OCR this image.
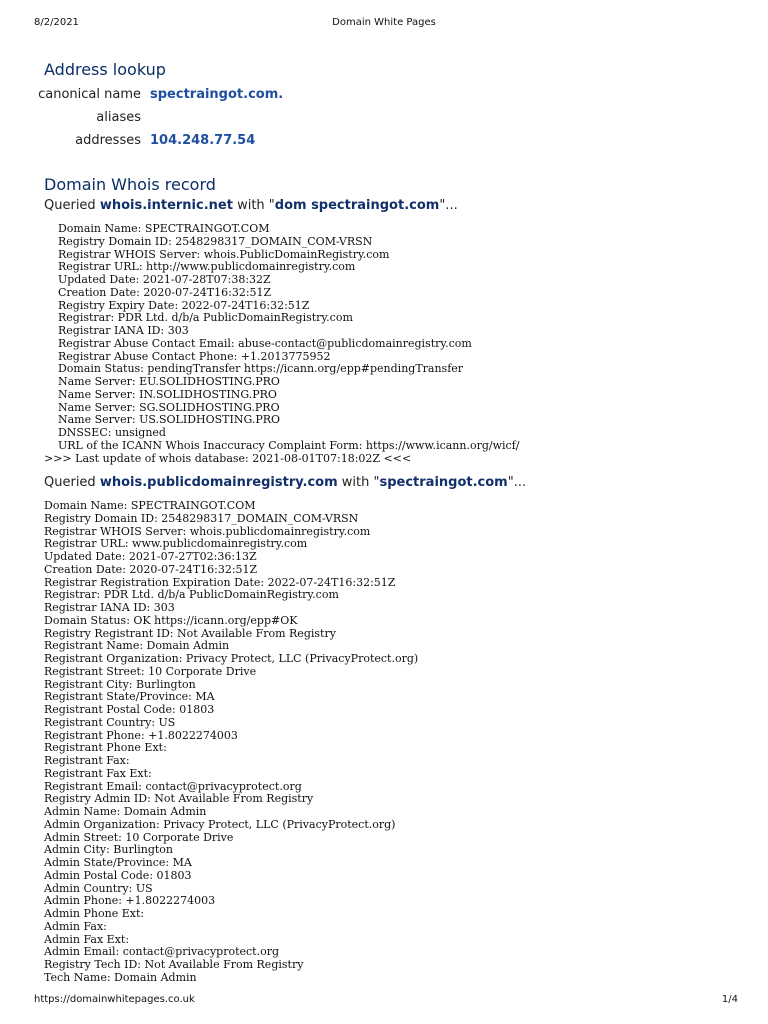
8/2/2021	Domain White Pages
Address lookup
canonical name spectraingot.com.
aliases
addresses 104.248.77.54
Domain Whois record
Queried whois.internic.net with "dom spectraingot.com"...
Domain Name: SPECTRAINGOT.COM
Registry Domain ID: 2548298317_DOMAIN_COM-VRSN
Registrar WHOIS Server: whois.PublicDomainRegistry.com
Registrar URL: http://www.publicdomainregistry.com
Updated Date: 2021-07-28T07:38:32Z
Creation Date: 2020-07-24T16:32:51Z
Registry Expiry Date: 2022-07-24T16:32:51Z
Registrar: PDR Ltd. d/b/a PublicDomainRegistry.com
Registrar IANA ID: 303
Registrar Abuse Contact Email: abuse-contact@publicdomainregistry.com
Registrar Abuse Contact Phone: +1.2013775952
Domain Status: pendingTransfer https://icann.org/epp#pendingTransfer
Name Server: EU.SOLIDHOSTING.PRO
Name Server: IN.SOLIDHOSTING.PRO
Name Server: SG.SOLIDHOSTING.PRO
Name Server: US.SOLIDHOSTING.PRO
DNSSEC: unsigned
URL of the ICANN Whois Inaccuracy Complaint Form: https://www.icann.org/wicf/
>>> Last update of whois database: 2021-08-01T07:18:02Z <<<
Queried whois.publicdomainregistry.com with "spectraingot.com"...
Domain Name: SPECTRAINGOT.COM
Registry Domain ID: 2548298317_DOMAIN_COM-VRSN
Registrar WHOIS Server: whois.publicdomainregistry.com
Registrar URL: www.publicdomainregistry.com
Updated Date: 2021-07-27T02:36:13Z
Creation Date: 2020-07-24T16:32:51Z
Registrar Registration Expiration Date: 2022-07-24T16:32:51Z
Registrar: PDR Ltd. d/b/a PublicDomainRegistry.com
Registrar IANA ID: 303
Domain Status: OK https://icann.org/epp#OK
Registry Registrant ID: Not Available From Registry
Registrant Name: Domain Admin
Registrant Organization: Privacy Protect, LLC (PrivacyProtect.org)
Registrant Street: 10 Corporate Drive
Registrant City: Burlington
Registrant State/Province: MA
Registrant Postal Code: 01803
Registrant Country: US
Registrant Phone: +1.8022274003
Registrant Phone Ext:
Registrant Fax:
Registrant Fax Ext:
Registrant Email: contact@privacyprotect.org
Registry Admin ID: Not Available From Registry
Admin Name: Domain Admin
Admin Organization: Privacy Protect, LLC (PrivacyProtect.org)
Admin Street: 10 Corporate Drive
Admin City: Burlington
Admin State/Province: MA
Admin Postal Code: 01803
Admin Country: US
Admin Phone: +1.8022274003
Admin Phone Ext:
Admin Fax:
Admin Fax Ext:
Admin Email: contact@privacyprotect.org
Registry Tech ID: Not Available From Registry
Tech Name: Domain Admin
https://domainwhitepages.co.uk	1/4
